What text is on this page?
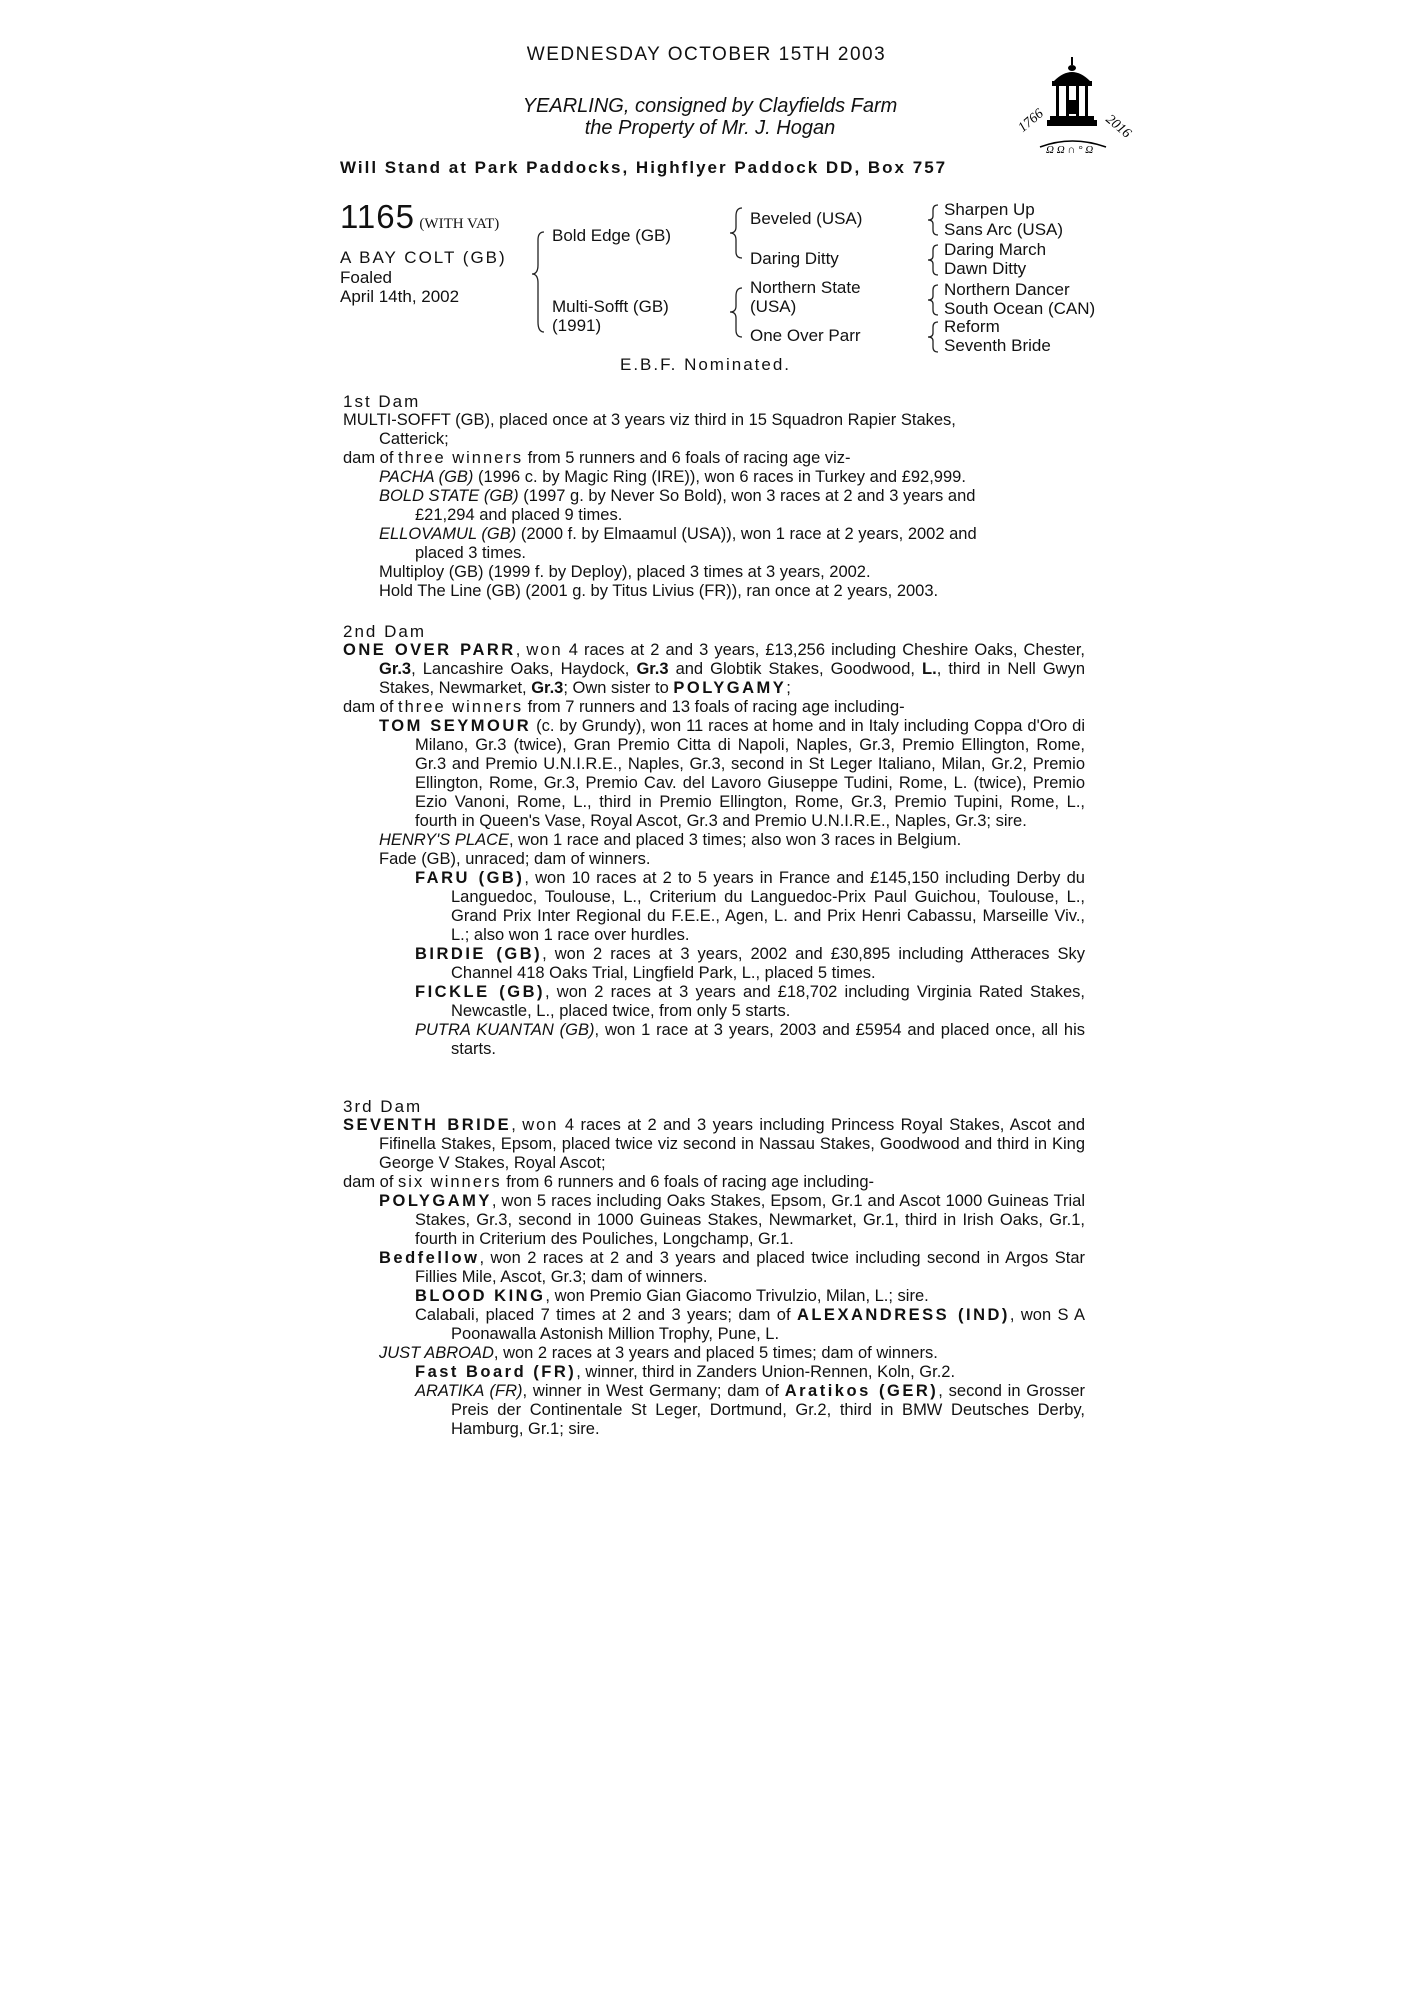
WEDNESDAY OCTOBER 15TH 2003
YEARLING, consigned by Clayfields Farm
the Property of Mr. J. Hogan	1766	2016
Ω Ω ∩ ° Ω
Will Stand at Park Paddocks, Highflyer Paddock DD, Box 757
1165 (WITH VAT)
A BAY COLT (GB)
Foaled
April 14th, 2002
Bold Edge (GB)
Multi-Sofft (GB)
(1991)
Beveled (USA)
Daring Ditty
Northern State
(USA)
One Over Parr
Sharpen Up
Sans Arc (USA)
Daring March
Dawn Ditty
Northern Dancer
South Ocean (CAN)
Reform
Seventh Bride
E.B.F. Nominated.

1st Dam

MULTI-SOFFT (GB), placed once at 3 years viz third in 15 Squadron Rapier Stakes,
Catterick;

dam of three winners from 5 runners and 6 foals of racing age viz-

PACHA (GB) (1996 c. by Magic Ring (IRE)), won 6 races in Turkey and £92,999.

BOLD STATE (GB) (1997 g. by Never So Bold), won 3 races at 2 and 3 years and
£21,294 and placed 9 times.

ELLOVAMUL (GB) (2000 f. by Elmaamul (USA)), won 1 race at 2 years, 2002 and
placed 3 times.

Multiploy (GB) (1999 f. by Deploy), placed 3 times at 3 years, 2002.

Hold The Line (GB) (2001 g. by Titus Livius (FR)), ran once at 2 years, 2003.

2nd Dam

ONE OVER PARR, won 4 races at 2 and 3 years, £13,256 including Cheshire Oaks, Chester, Gr.3, Lancashire Oaks, Haydock, Gr.3 and Globtik Stakes, Goodwood, L., third in Nell Gwyn Stakes, Newmarket, Gr.3; Own sister to POLYGAMY;

dam of three winners from 7 runners and 13 foals of racing age including-

TOM SEYMOUR (c. by Grundy), won 11 races at home and in Italy including Coppa d'Oro di Milano, Gr.3 (twice), Gran Premio Citta di Napoli, Naples, Gr.3, Premio Ellington, Rome, Gr.3 and Premio U.N.I.R.E., Naples, Gr.3, second in St Leger Italiano, Milan, Gr.2, Premio Ellington, Rome, Gr.3, Premio Cav. del Lavoro Giuseppe Tudini, Rome, L. (twice), Premio Ezio Vanoni, Rome, L., third in Premio Ellington, Rome, Gr.3, Premio Tupini, Rome, L., fourth in Queen's Vase, Royal Ascot, Gr.3 and Premio U.N.I.R.E., Naples, Gr.3; sire.

HENRY'S PLACE, won 1 race and placed 3 times; also won 3 races in Belgium.

Fade (GB), unraced; dam of winners.

FARU (GB), won 10 races at 2 to 5 years in France and £145,150 including Derby du Languedoc, Toulouse, L., Criterium du Languedoc-Prix Paul Guichou, Toulouse, L., Grand Prix Inter Regional du F.E.E., Agen, L. and Prix Henri Cabassu, Marseille Viv., L.; also won 1 race over hurdles.

BIRDIE (GB), won 2 races at 3 years, 2002 and £30,895 including Attheraces Sky Channel 418 Oaks Trial, Lingfield Park, L., placed 5 times.

FICKLE (GB), won 2 races at 3 years and £18,702 including Virginia Rated Stakes, Newcastle, L., placed twice, from only 5 starts.

PUTRA KUANTAN (GB), won 1 race at 3 years, 2003 and £5954 and placed once, all his starts.

3rd Dam

SEVENTH BRIDE, won 4 races at 2 and 3 years including Princess Royal Stakes, Ascot and Fifinella Stakes, Epsom, placed twice viz second in Nassau Stakes, Goodwood and third in King George V Stakes, Royal Ascot;

dam of six winners from 6 runners and 6 foals of racing age including-

POLYGAMY, won 5 races including Oaks Stakes, Epsom, Gr.1 and Ascot 1000 Guineas Trial Stakes, Gr.3, second in 1000 Guineas Stakes, Newmarket, Gr.1, third in Irish Oaks, Gr.1, fourth in Criterium des Pouliches, Longchamp, Gr.1.

Bedfellow, won 2 races at 2 and 3 years and placed twice including second in Argos Star Fillies Mile, Ascot, Gr.3; dam of winners.

BLOOD KING, won Premio Gian Giacomo Trivulzio, Milan, L.; sire.

Calabali, placed 7 times at 2 and 3 years; dam of ALEXANDRESS (IND), won S A Poonawalla Astonish Million Trophy, Pune, L.

JUST ABROAD, won 2 races at 3 years and placed 5 times; dam of winners.

Fast Board (FR), winner, third in Zanders Union-Rennen, Koln, Gr.2.

ARATIKA (FR), winner in West Germany; dam of Aratikos (GER), second in Grosser Preis der Continentale St Leger, Dortmund, Gr.2, third in BMW Deutsches Derby, Hamburg, Gr.1; sire.
